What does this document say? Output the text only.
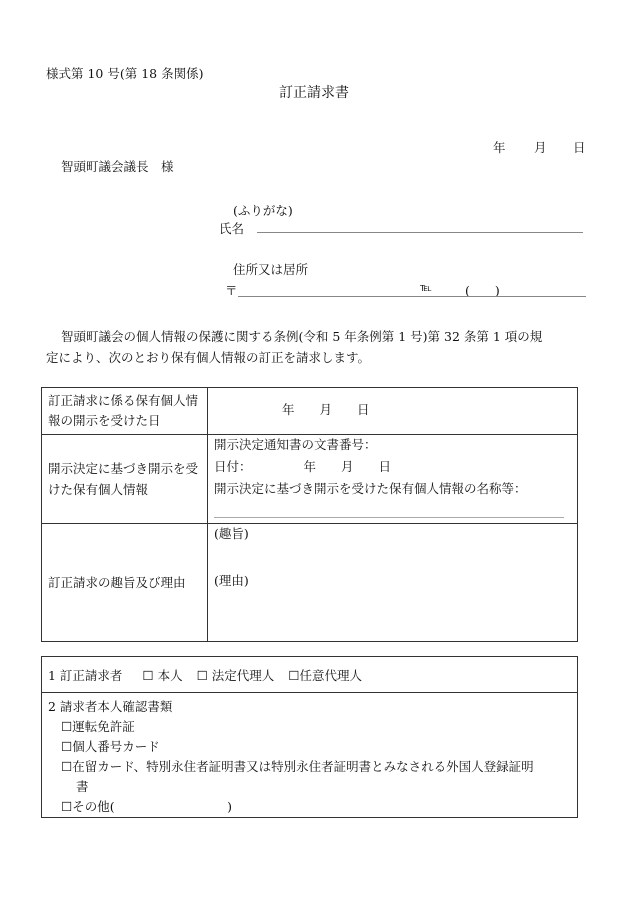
様式第 10 号(第 18 条関係)
訂正請求書
年 月 日
智頭町議会議長　様
(ふりがな)
氏名
住所又は居所
〒	℡	(　　)
智頭町議会の個人情報の保護に関する条例(令和 5 年条例第 1 号)第 32 条第 1 項の規
定により、次のとおり保有個人情報の訂正を請求します。
訂正請求に係る保有個人情報の開示を受けた日	年　　月　　日

開示決定に基づき開示を受けた保有個人情報	開示決定通知書の文書番号：
日付： 年　　月　　日
開示決定に基づき開示を受けた保有個人情報の名称等：

訂正請求の趣旨及び理由	(趣旨)
(理由)
1 訂正請求者 ☐ 本人 ☐ 法定代理人 ☐任意代理人

2 請求者本人確認書類
☐運転免許証
☐個人番号カード
☐在留カード、特別永住者証明書又は特別永住者証明書とみなされる外国人登録証明
書
☐その他(　　　　　　　　　)
